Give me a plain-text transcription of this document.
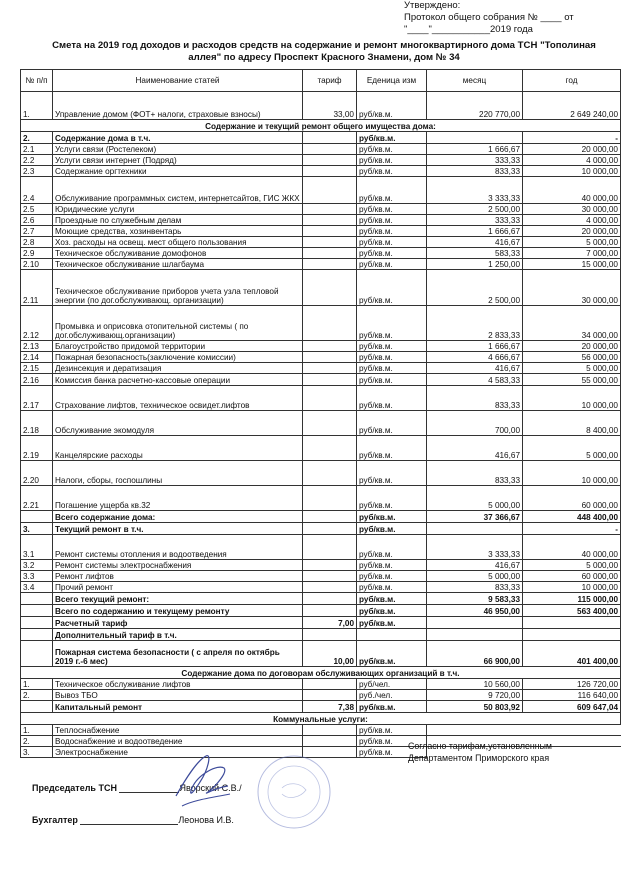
Утверждено:
Протокол общего собрания № ____ от
"____"___________2019 года
Смета на 2019 год доходов и расходов средств на содержание и ремонт многоквартирного дома ТСН "Тополиная
аллея" по адресу Проспект Красного Знамени, дом № 34
№ п/п	Наименование статей	тариф	Еденица изм	месяц	год
1.	Управление домом (ФОТ+ налоги, страховые взносы)	33,00	руб/кв.м.	220 770,00	2 649 240,00
Содержание и текущий ремонт общего имущества дома:					
2.	Содержание дома в т.ч.		руб/кв.м.		-
2.1	Услуги связи (Ростелеком)		руб/кв.м.	1 666,67	20 000,00
2.2	Услуги связи интернет (Подряд)		руб/кв.м.	333,33	4 000,00
2.3	Содержание оргтехники		руб/кв.м.	833,33	10 000,00
2.4	Обслуживание программных систем, интернетсайтов, ГИС ЖКХ		руб/кв.м.	3 333,33	40 000,00
2.5	Юридические услуги		руб/кв.м.	2 500,00	30 000,00
2.6	Проездные по служебным делам		руб/кв.м.	333,33	4 000,00
2.7	Моющие средства, хозинвентарь		руб/кв.м.	1 666,67	20 000,00
2.8	Хоз. расходы на освещ. мест общего пользования		руб/кв.м.	416,67	5 000,00
2.9	Техническое обслуживание домофонов		руб/кв.м.	583,33	7 000,00
2.10	Техническое обслуживание шлагбаума		руб/кв.м.	1 250,00	15 000,00
2.11	Техническое обслуживание приборов учета узла тепловой энергии (по дог.обслуживающ. организации)		руб/кв.м.	2 500,00	30 000,00
2.12	Промывка и оприсовка отопительной системы ( по дог.обслуживающ.организации)		руб/кв.м.	2 833,33	34 000,00
2.13	Благоустройство придомой территории		руб/кв.м.	1 666,67	20 000,00
2.14	Пожарная безопасность(заключение комиссии)		руб/кв.м.	4 666,67	56 000,00
2.15	Дезинсекция и дератизация		руб/кв.м.	416,67	5 000,00
2.16	Комиссия банка расчетно-кассовые операции		руб/кв.м.	4 583,33	55 000,00
2.17	Страхование лифтов, техническое освидет.лифтов		руб/кв.м.	833,33	10 000,00
2.18	Обслуживание экомодуля		руб/кв.м.	700,00	8 400,00
2.19	Канцелярские расходы		руб/кв.м.	416,67	5 000,00
2.20	Налоги, сборы, госпошлины		руб/кв.м.	833,33	10 000,00
2.21	Погашение ущерба кв.32		руб/кв.м.	5 000,00	60 000,00
	Всего содержание дома:		руб/кв.м.	37 366,67	448 400,00
3.	Текущий ремонт в т.ч.		руб/кв.м.		-
3.1	Ремонт системы отопления и водоотведения		руб/кв.м.	3 333,33	40 000,00
3.2	Ремонт системы электроснабжения		руб/кв.м.	416,67	5 000,00
3.3	Ремонт лифтов		руб/кв.м.	5 000,00	60 000,00
3.4	Прочий ремонт		руб/кв.м.	833,33	10 000,00
	Всего текущий ремонт:		руб/кв.м.	9 583,33	115 000,00
	Всего по содержанию и текущему ремонту		руб/кв.м.	46 950,00	563 400,00
	Расчетный тариф	7,00	руб/кв.м.		
	Дополнительный тариф в т.ч.				
	Пожарная система безопасности ( с апреля по октябрь 2019 г.-6 мес)	10,00	руб/кв.м.	66 900,00	401 400,00
Содержание дома по договорам обслуживающих организаций в т.ч.					
1.	Техническое обслуживание лифтов		руб/чел.	10 560,00	126 720,00
2.	Вывоз ТБО		руб./чел.	9 720,00	116 640,00
	Капитальный ремонт	7,38	руб/кв.м.	50 803,92	609 647,04
Коммунальные услуги:					
1.	Теплоснабжение		руб/кв.м.		
2.	Водоснабжение и водоотведение		руб/кв.м.		
3.	Электроснабжение		руб/кв.м.		
Согласно тарифам,установленным
Департаментом Приморского края
Председатель ТСН	Яворский С.В./
Бухгалтер	Леонова И.В.
